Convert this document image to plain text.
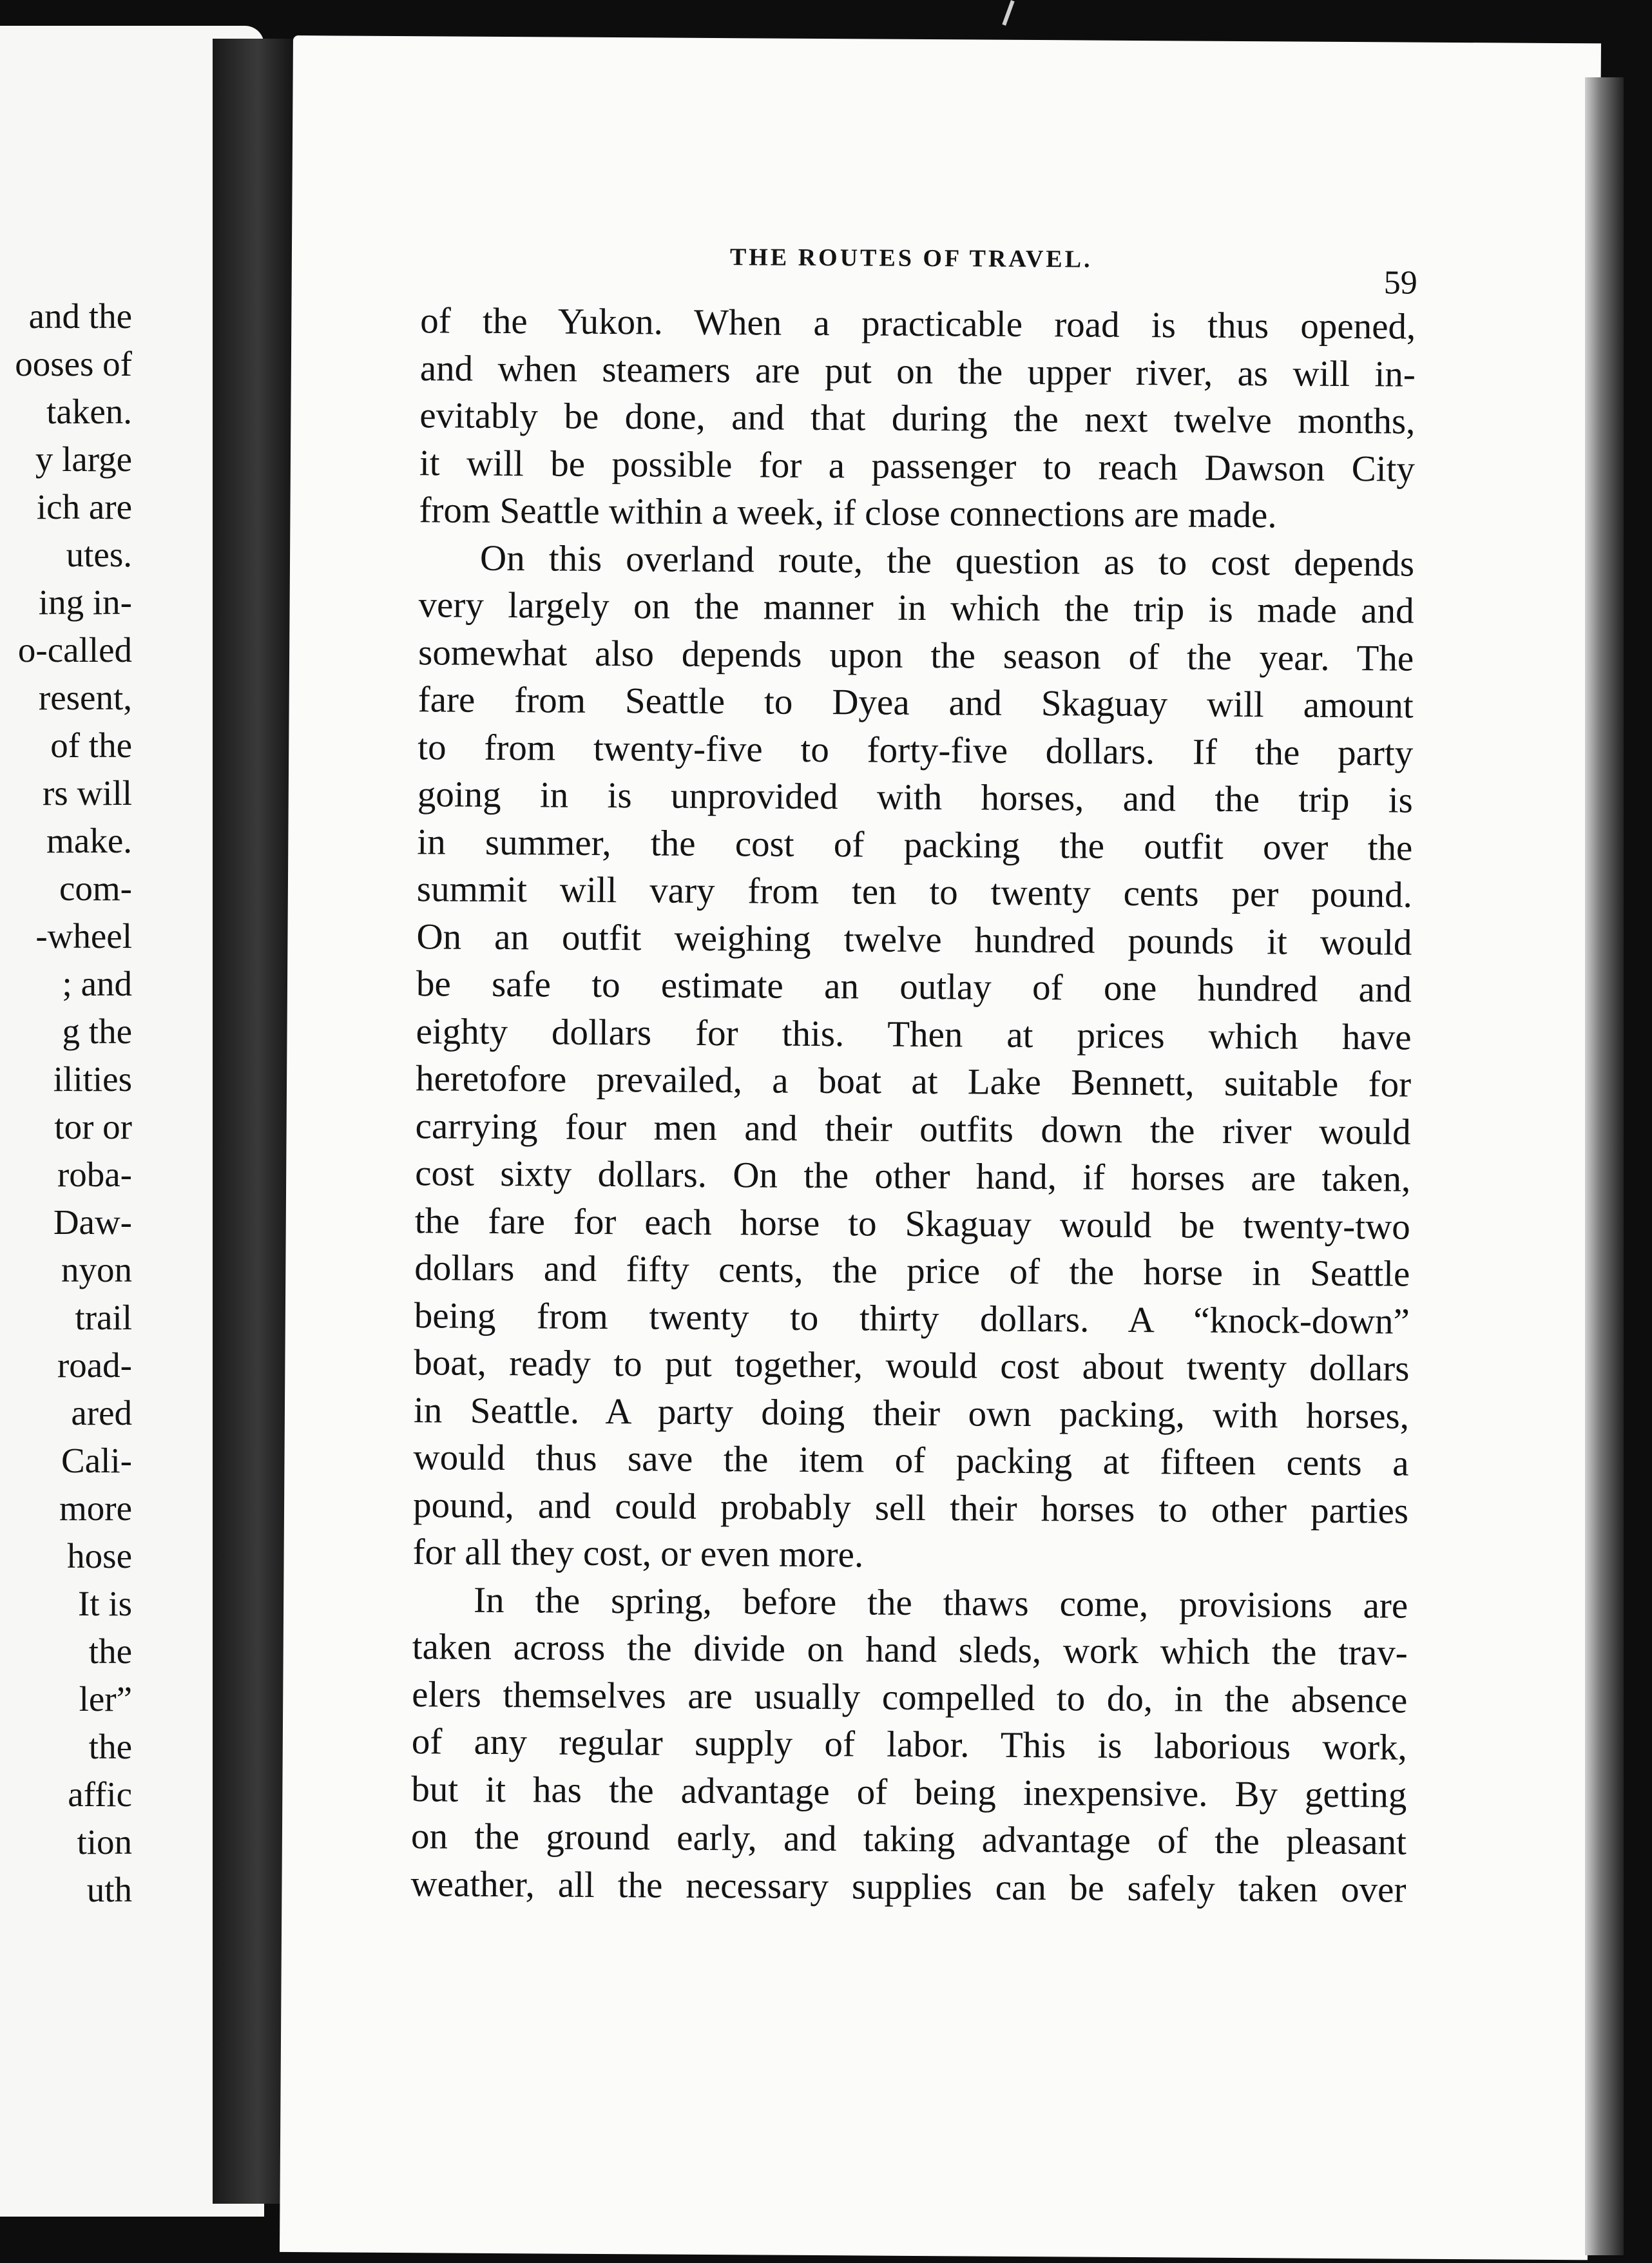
and the
ooses of
taken.
y large
ich are
utes.
ing in-
o-called
resent,
of the
rs will
make.
com-
-wheel
; and
g the
ilities
tor or
roba-
Daw-
nyon
trail
road-
ared
Cali-
more
hose
It is
the
ler”
the
affic
tion
uth
THE ROUTES OF TRAVEL.
59
of the Yukon. When a practicable road is thus opened,
and when steamers are put on the upper river, as will in-
evitably be done, and that during the next twelve months,
it will be possible for a passenger to reach Dawson City
from Seattle within a week, if close connections are made.
On this overland route, the question as to cost depends
very largely on the manner in which the trip is made and
somewhat also depends upon the season of the year. The
fare from Seattle to Dyea and Skaguay will amount
to from twenty-five to forty-five dollars. If the party
going in is unprovided with horses, and the trip is
in summer, the cost of packing the outfit over the
summit will vary from ten to twenty cents per pound.
On an outfit weighing twelve hundred pounds it would
be safe to estimate an outlay of one hundred and
eighty dollars for this. Then at prices which have
heretofore prevailed, a boat at Lake Bennett, suitable for
carrying four men and their outfits down the river would
cost sixty dollars. On the other hand, if horses are taken,
the fare for each horse to Skaguay would be twenty-two
dollars and fifty cents, the price of the horse in Seattle
being from twenty to thirty dollars. A “knock-down”
boat, ready to put together, would cost about twenty dollars
in Seattle. A party doing their own packing, with horses,
would thus save the item of packing at fifteen cents a
pound, and could probably sell their horses to other parties
for all they cost, or even more.
In the spring, before the thaws come, provisions are
taken across the divide on hand sleds, work which the trav-
elers themselves are usually compelled to do, in the absence
of any regular supply of labor. This is laborious work,
but it has the advantage of being inexpensive. By getting
on the ground early, and taking advantage of the pleasant
weather, all the necessary supplies can be safely taken over
